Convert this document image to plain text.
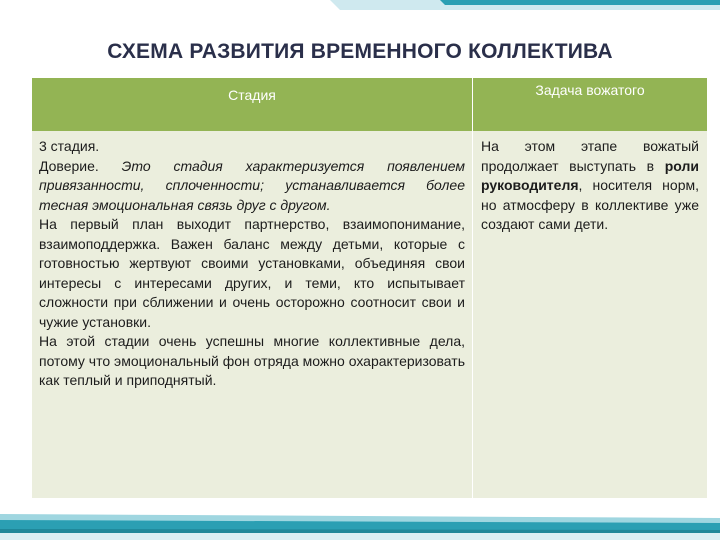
СХЕМА РАЗВИТИЯ ВРЕМЕННОГО КОЛЛЕКТИВА
Стадия	Задача вожатого

3 стадия.

Доверие. Это стадия характеризуется появлением привязанности, сплоченности; устанавливается более тесная эмоциональная связь друг с другом.

На первый план выходит партнерство, взаимопонимание, взаимоподдержка. Важен баланс между детьми, которые с готовностью жертвуют своими установками, объединяя свои интересы с интересами других, и теми, кто испытывает сложности при сближении и очень осторожно соотносит свои и чужие установки.

На этой стадии очень успешны многие коллективные дела, потому что эмоциональный фон отряда можно охарактеризовать как теплый и приподнятый.	На этом этапе вожатый продолжает выступать в роли руководителя, носителя норм, но атмосферу в коллективе уже создают сами дети.
